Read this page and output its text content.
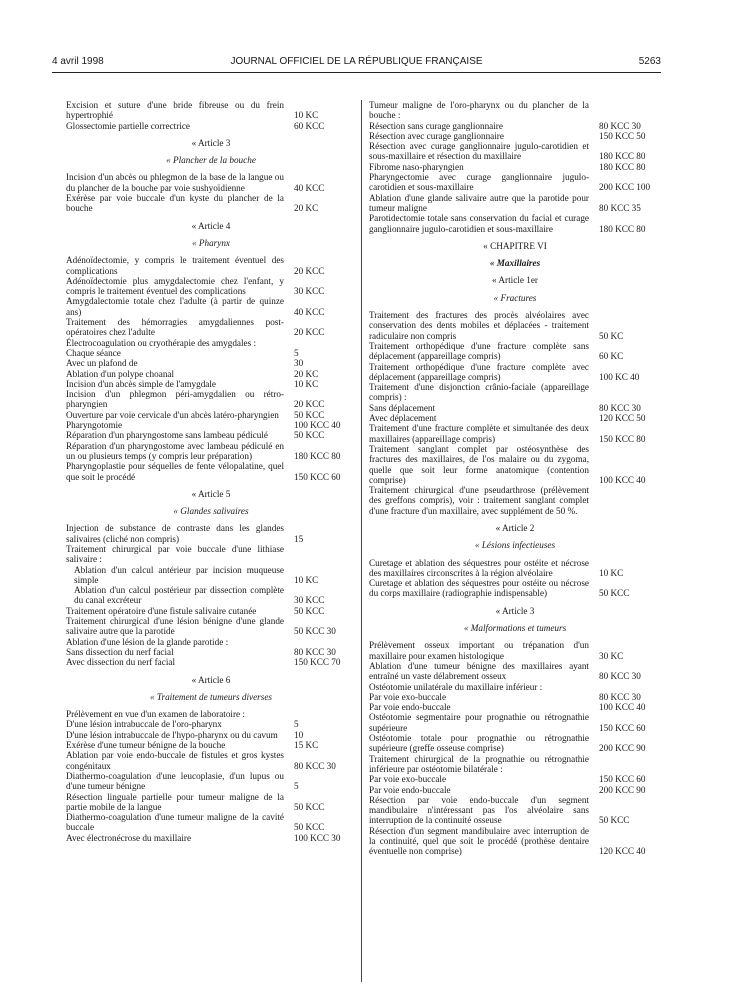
4 avril 1998	JOURNAL OFFICIEL DE LA RÉPUBLIQUE FRANÇAISE	5263
Excision et suture d'une bride fibreuse ou du frein hypertrophié	10 KC
Glossectomie partielle correctrice	60 KCC
« Article 3
« Plancher de la bouche
Incision d'un abcès ou phlegmon de la base de la langue ou du plancher de la bouche par voie sushyoïdienne	40 KCC
Exérèse par voie buccale d'un kyste du plancher de la bouche	20 KC
« Article 4
« Pharynx
Adénoïdectomie, y compris le traitement éventuel des complications	20 KCC
Adénoïdectomie plus amygdalectomie chez l'enfant, y compris le traitement éventuel des complications	30 KCC
Amygdalectomie totale chez l'adulte (à partir de quinze ans)	40 KCC
Traitement des hémorragies amygdaliennes post-opératoires chez l'adulte	20 KCC
Électrocoagulation ou cryothérapie des amygdales :
Chaque séance	5
Avec un plafond de	30
Ablation d'un polype choanal	20 KC
Incision d'un abcès simple de l'amygdale	10 KC
Incision d'un phlegmon péri-amygdalien ou rétro-pharyngien	20 KCC
Ouverture par voie cervicale d'un abcès latéro-pharyngien	50 KCC
Pharyngotomie	100 KCC 40
Réparation d'un pharyngostome sans lambeau pédiculé	50 KCC
Réparation d'un pharyngostome avec lambeau pédiculé en un ou plusieurs temps (y compris leur préparation)	180 KCC 80
Pharyngoplastie pour séquelles de fente vélopalatine, quel que soit le procédé	150 KCC 60
« Article 5
« Glandes salivaires
Injection de substance de contraste dans les glandes salivaires (cliché non compris)	15
Traitement chirurgical par voie buccale d'une lithiase salivaire :
Ablation d'un calcul antérieur par incision muqueuse simple	10 KC
Ablation d'un calcul postérieur par dissection complète du canal excréteur	30 KCC
Traitement opératoire d'une fistule salivaire cutanée	50 KCC
Traitement chirurgical d'une lésion bénigne d'une glande salivaire autre que la parotide	50 KCC 30
Ablation d'une lésion de la glande parotide :
Sans dissection du nerf facial	80 KCC 30
Avec dissection du nerf facial	150 KCC 70
« Article 6
« Traitement de tumeurs diverses
Prélèvement en vue d'un examen de laboratoire :
D'une lésion intrabuccale de l'oro-pharynx	5
D'une lésion intrabuccale de l'hypo-pharynx ou du cavum	10
Exérèse d'une tumeur bénigne de la bouche	15 KC
Ablation par voie endo-buccale de fistules et gros kystes congénitaux	80 KCC 30
Diathermo-coagulation d'une leucoplasie, d'un lupus ou d'une tumeur bénigne	5
Résection linguale partielle pour tumeur maligne de la partie mobile de la langue	50 KCC
Diathermo-coagulation d'une tumeur maligne de la cavité buccale	50 KCC
Avec électronécrose du maxillaire	100 KCC 30
Tumeur maligne de l'oro-pharynx ou du plancher de la bouche :
Résection sans curage ganglionnaire	80 KCC 30
Résection avec curage ganglionnaire	150 KCC 50
Résection avec curage ganglionnaire jugulo-carotidien et sous-maxillaire et résection du maxillaire	180 KCC 80
Fibrome naso-pharyngien	180 KCC 80
Pharyngectomie avec curage ganglionnaire jugulo-carotidien et sous-maxillaire	200 KCC 100
Ablation d'une glande salivaire autre que la parotide pour tumeur maligne	80 KCC 35
Parotidectomie totale sans conservation du facial et curage ganglionnaire jugulo-carotidien et sous-maxillaire	180 KCC 80
« CHAPITRE VI
« Maxillaires
« Article 1er
« Fractures
Traitement des fractures des procès alvéolaires avec conservation des dents mobiles et déplacées - traitement radiculaire non compris	50 KC
Traitement orthopédique d'une fracture complète sans déplacement (appareillage compris)	60 KC
Traitement orthopédique d'une fracture complète avec déplacement (appareillage compris)	100 KC 40
Traitement d'une disjonction crânio-faciale (appareillage compris) :
Sans déplacement	80 KCC 30
Avec déplacement	120 KCC 50
Traitement d'une fracture complète et simultanée des deux maxillaires (appareillage compris)	150 KCC 80
Traitement sanglant complet par ostéosynthèse des fractures des maxillaires, de l'os malaire ou du zygoma, quelle que soit leur forme anatomique (contention comprise)	100 KCC 40
Traitement chirurgical d'une pseudarthrose (prélèvement des greffons compris), voir : traitement sanglant complet d'une fracture d'un maxillaire, avec supplément de 50 %.
« Article 2
« Lésions infectieuses
Curetage et ablation des séquestres pour ostéite et nécrose des maxillaires circonscrites à la région alvéolaire	10 KC
Curetage et ablation des séquestres pour ostéite ou nécrose du corps maxillaire (radiographie indispensable)	50 KCC
« Article 3
« Malformations et tumeurs
Prélèvement osseux important ou trépanation d'un maxillaire pour examen histologique	30 KC
Ablation d'une tumeur bénigne des maxillaires ayant entraîné un vaste délabrement osseux	80 KCC 30
Ostéotomie unilatérale du maxillaire inférieur :
Par voie exo-buccale	80 KCC 30
Par voie endo-buccale	100 KCC 40
Ostéotomie segmentaire pour prognathie ou rétrognathie supérieure	150 KCC 60
Ostéotomie totale pour prognathie ou rétrognathie supérieure (greffe osseuse comprise)	200 KCC 90
Traitement chirurgical de la prognathie ou rétrognathie inférieure par ostéotomie bilatérale :
Par voie exo-buccale	150 KCC 60
Par voie endo-buccale	200 KCC 90
Résection par voie endo-buccale d'un segment mandibulaire n'intéressant pas l'os alvéolaire sans interruption de la continuité osseuse	50 KCC
Résection d'un segment mandibulaire avec interruption de la continuité, quel que soit le procédé (prothèse dentaire éventuelle non comprise)	120 KCC 40
